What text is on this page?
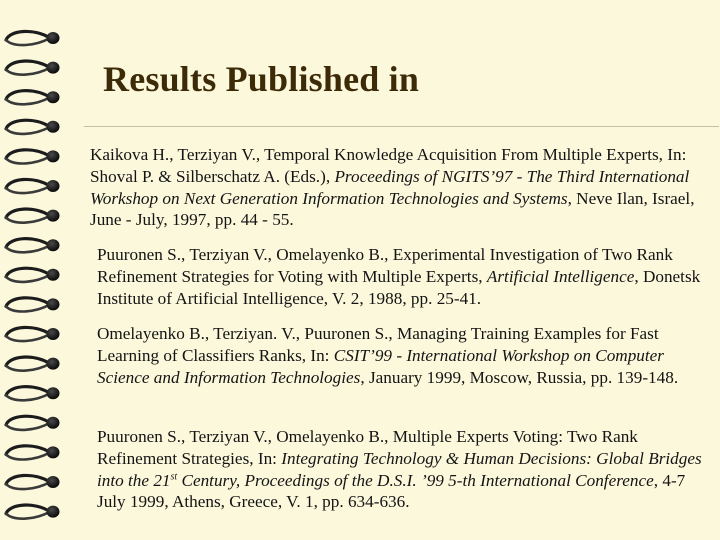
Results Published in

Kaikova H., Terziyan V., Temporal Knowledge Acquisition From Multiple Experts, In: Shoval P. & Silberschatz A. (Eds.), Proceedings of NGITS’97 - The Third International Workshop on Next Generation Information Technologies and Systems, Neve Ilan, Israel, June - July, 1997, pp. 44 - 55.

Puuronen S., Terziyan V., Omelayenko B., Experimental Investigation of Two Rank Refinement Strategies for Voting with Multiple Experts, Artificial Intelligence, Donetsk Institute of Artificial Intelligence, V. 2, 1988, pp. 25-41.

Omelayenko B., Terziyan. V., Puuronen S., Managing Training Examples for Fast Learning of Classifiers Ranks, In: CSIT’99 - International Workshop on Computer Science and Information Technologies, January 1999, Moscow, Russia, pp. 139-148.

Puuronen S., Terziyan V., Omelayenko B., Multiple Experts Voting: Two Rank Refinement Strategies, In: Integrating Technology & Human Decisions: Global Bridges into the 21st Century, Proceedings of the D.S.I. ’99 5-th International Conference, 4-7 July 1999, Athens, Greece, V. 1, pp. 634-636.
